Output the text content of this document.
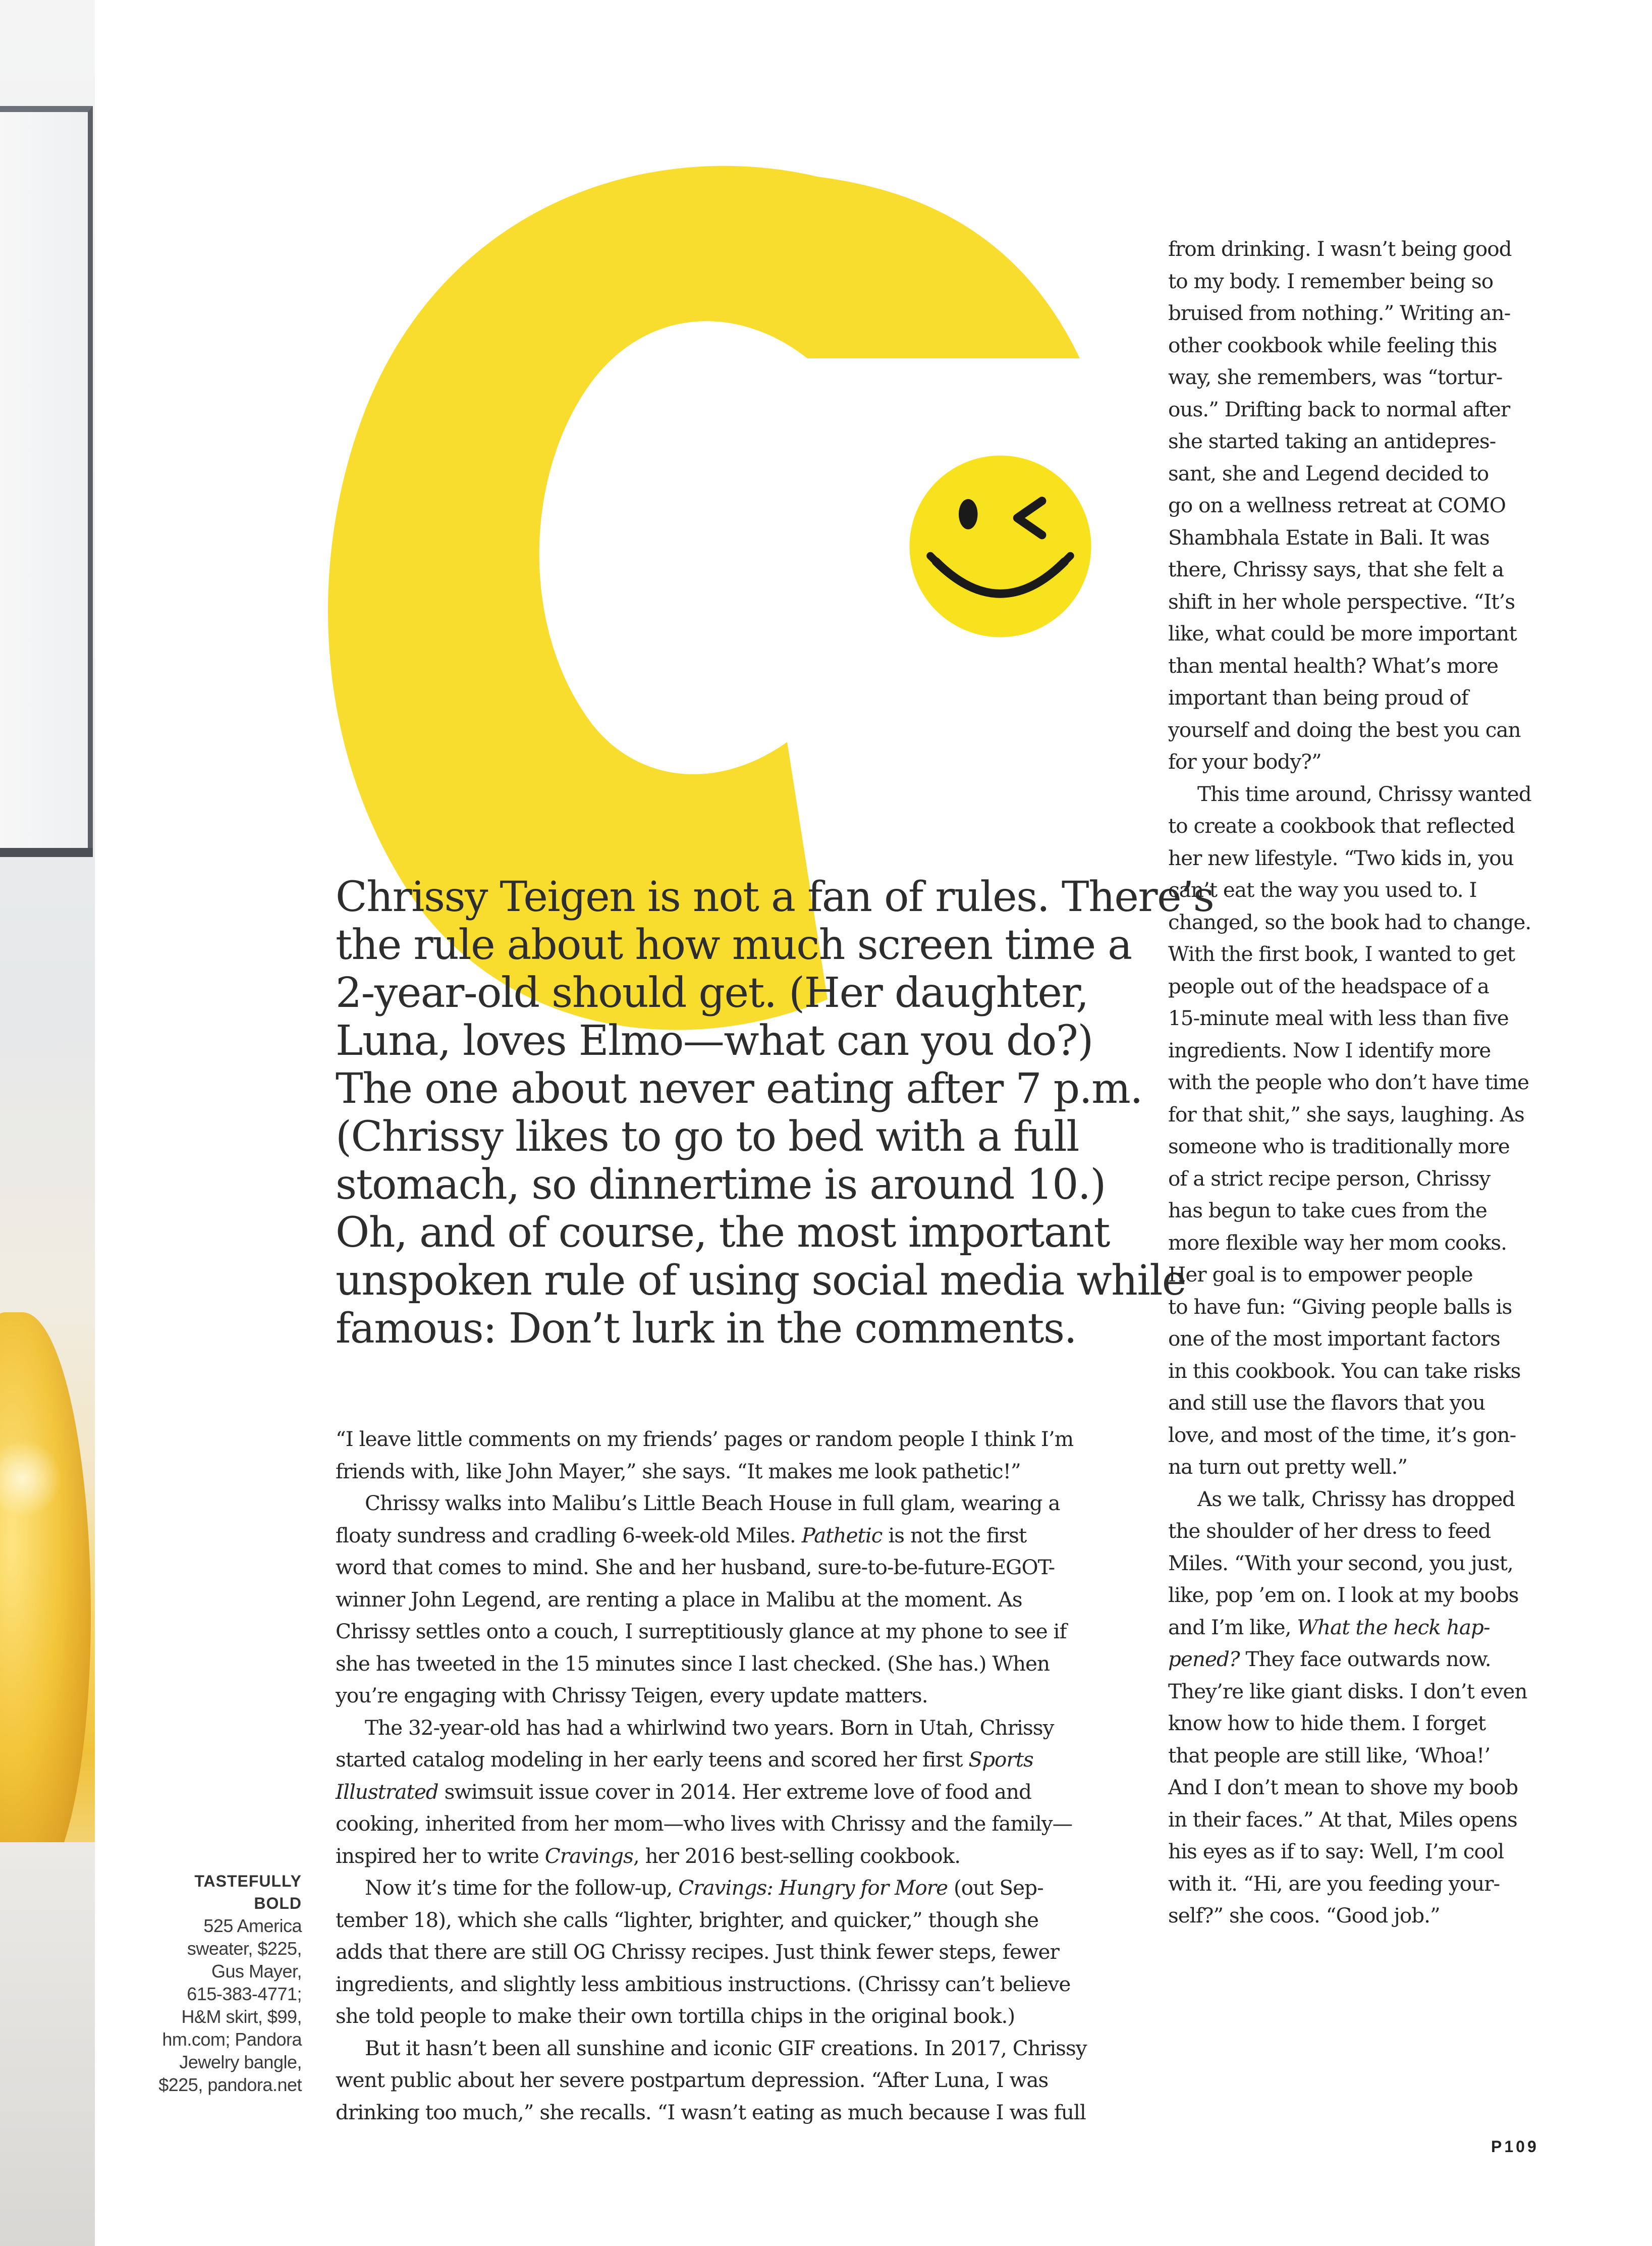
C

Chrissy Teigen is not a fan of rules. There’s
the rule about how much screen time a
2-year-old should get. (Her daughter,
Luna, loves Elmo—what can you do?)
The one about never eating after 7 p.m.
(Chrissy likes to go to bed with a full
stomach, so dinnertime is around 10.)
Oh, and of course, the most important
unspoken rule of using social media while
famous: Don’t lurk in the comments.

“I leave little comments on my friends’ pages or random people I think I’m
friends with, like John Mayer,” she says. “It makes me look pathetic!”
Chrissy walks into Malibu’s Little Beach House in full glam, wearing a
floaty sundress and cradling 6-week-old Miles. Pathetic is not the first
word that comes to mind. She and her husband, sure-to-be-future-EGOT-
winner John Legend, are renting a place in Malibu at the moment. As
Chrissy settles onto a couch, I surreptitiously glance at my phone to see if
she has tweeted in the 15 minutes since I last checked. (She has.) When
you’re engaging with Chrissy Teigen, every update matters.
The 32-year-old has had a whirlwind two years. Born in Utah, Chrissy
started catalog modeling in her early teens and scored her first Sports
Illustrated swimsuit issue cover in 2014. Her extreme love of food and
cooking, inherited from her mom—who lives with Chrissy and the family—
inspired her to write Cravings, her 2016 best-selling cookbook.
Now it’s time for the follow-up, Cravings: Hungry for More (out Sep-
tember 18), which she calls “lighter, brighter, and quicker,” though she
adds that there are still OG Chrissy recipes. Just think fewer steps, fewer
ingredients, and slightly less ambitious instructions. (Chrissy can’t believe
she told people to make their own tortilla chips in the original book.)
But it hasn’t been all sunshine and iconic GIF creations. In 2017, Chrissy
went public about her severe postpartum depression. “After Luna, I was
drinking too much,” she recalls. “I wasn’t eating as much because I was full
from drinking. I wasn’t being good
to my body. I remember being so
bruised from nothing.” Writing an-
other cookbook while feeling this
way, she remembers, was “tortur-
ous.” Drifting back to normal after
she started taking an antidepres-
sant, she and Legend decided to
go on a wellness retreat at COMO
Shambhala Estate in Bali. It was
there, Chrissy says, that she felt a
shift in her whole perspective. “It’s
like, what could be more important
than mental health? What’s more
important than being proud of
yourself and doing the best you can
for your body?”
This time around, Chrissy wanted
to create a cookbook that reflected
her new lifestyle. “Two kids in, you
can’t eat the way you used to. I
changed, so the book had to change.
With the first book, I wanted to get
people out of the headspace of a
15-minute meal with less than five
ingredients. Now I identify more
with the people who don’t have time
for that shit,” she says, laughing. As
someone who is traditionally more
of a strict recipe person, Chrissy
has begun to take cues from the
more flexible way her mom cooks.
Her goal is to empower people
to have fun: “Giving people balls is
one of the most important factors
in this cookbook. You can take risks
and still use the flavors that you
love, and most of the time, it’s gon-
na turn out pretty well.”
As we talk, Chrissy has dropped
the shoulder of her dress to feed
Miles. “With your second, you just,
like, pop ’em on. I look at my boobs
and I’m like, What the heck hap-
pened? They face outwards now.
They’re like giant disks. I don’t even
know how to hide them. I forget
that people are still like, ‘Whoa!’
And I don’t mean to shove my boob
in their faces.” At that, Miles opens
his eyes as if to say: Well, I’m cool
with it. “Hi, are you feeding your-
self?” she coos. “Good job.”
TASTEFULLY
BOLD
525 America
sweater, $225,
Gus Mayer,
615-383-4771;
H&M skirt, $99,
hm.com; Pandora
Jewelry bangle,
$225, pandora.net
P109
